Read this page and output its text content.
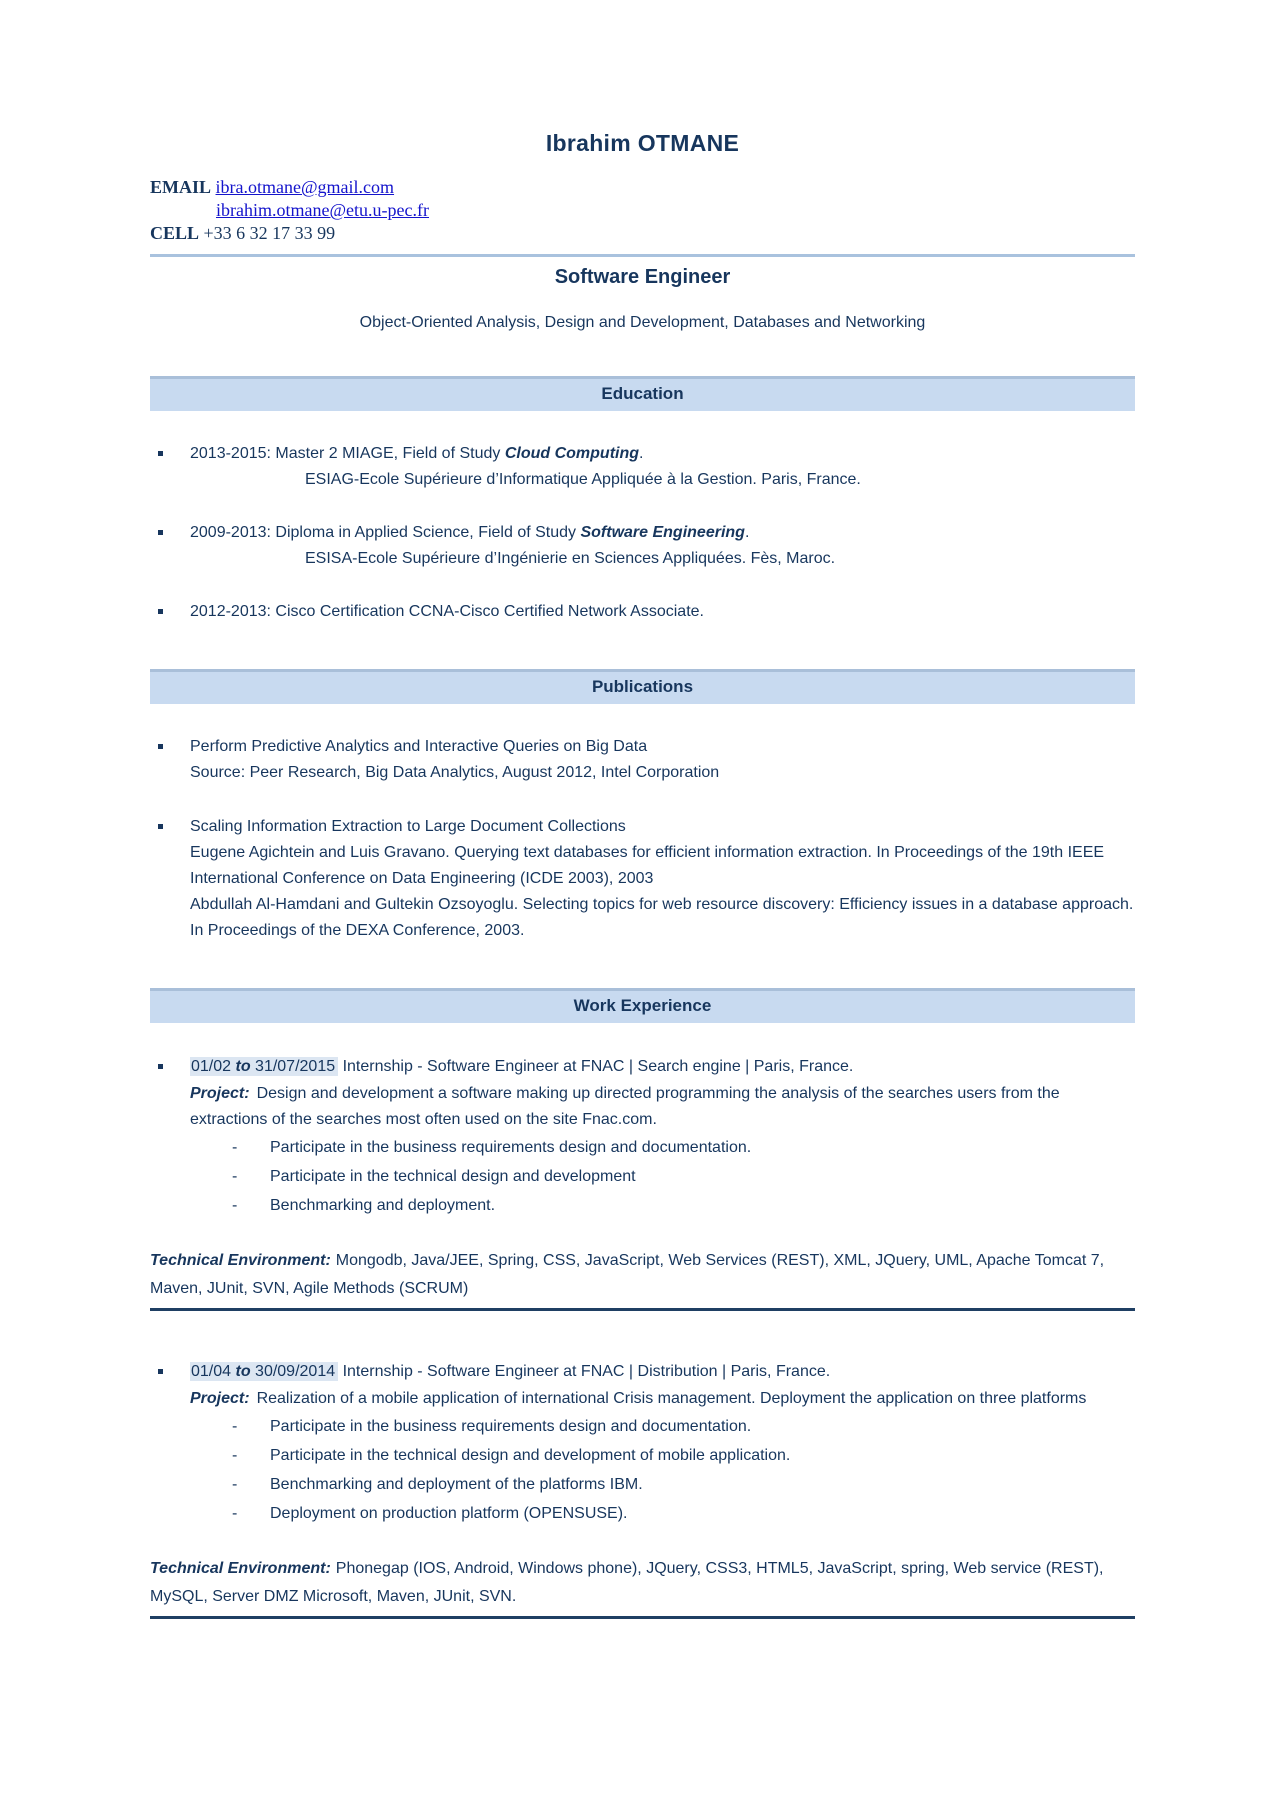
Ibrahim OTMANE
EMAIL ibra.otmane@gmail.com
ibrahim.otmane@etu.u-pec.fr
CELL +33 6 32 17 33 99
Software Engineer
Object-Oriented Analysis, Design and Development, Databases and Networking
Education
2013-2015: Master 2 MIAGE, Field of Study Cloud Computing.
ESIAG-Ecole Supérieure d’Informatique Appliquée à la Gestion. Paris, France.
2009-2013: Diploma in Applied Science, Field of Study Software Engineering.
ESISA-Ecole Supérieure d’Ingénierie en Sciences Appliquées. Fès, Maroc.
2012-2013: Cisco Certification CCNA-Cisco Certified Network Associate.
Publications
Perform Predictive Analytics and Interactive Queries on Big Data
Source: Peer Research, Big Data Analytics, August 2012, Intel Corporation
Scaling Information Extraction to Large Document Collections
Eugene Agichtein and Luis Gravano. Querying text databases for efficient information extraction. In Proceedings of the 19th IEEE International Conference on Data Engineering (ICDE 2003), 2003
Abdullah Al-Hamdani and Gultekin Ozsoyoglu. Selecting topics for web resource discovery: Efficiency issues in a database approach. In Proceedings of the DEXA Conference, 2003.
Work Experience
01/02 to 31/07/2015 Internship - Software Engineer at FNAC | Search engine | Paris, France.
Project: Design and development a software making up directed programming the analysis of the searches users from the extractions of the searches most often used on the site Fnac.com.
- Participate in the business requirements design and documentation.
- Participate in the technical design and development
- Benchmarking and deployment.
Technical Environment: Mongodb, Java/JEE, Spring, CSS, JavaScript, Web Services (REST), XML, JQuery, UML, Apache Tomcat 7, Maven, JUnit, SVN, Agile Methods (SCRUM)
01/04 to 30/09/2014 Internship - Software Engineer at FNAC | Distribution | Paris, France.
Project: Realization of a mobile application of international Crisis management. Deployment the application on three platforms
- Participate in the business requirements design and documentation.
- Participate in the technical design and development of mobile application.
- Benchmarking and deployment of the platforms IBM.
- Deployment on production platform (OPENSUSE).
Technical Environment: Phonegap (IOS, Android, Windows phone), JQuery, CSS3, HTML5, JavaScript, spring, Web service (REST), MySQL, Server DMZ Microsoft, Maven, JUnit, SVN.
